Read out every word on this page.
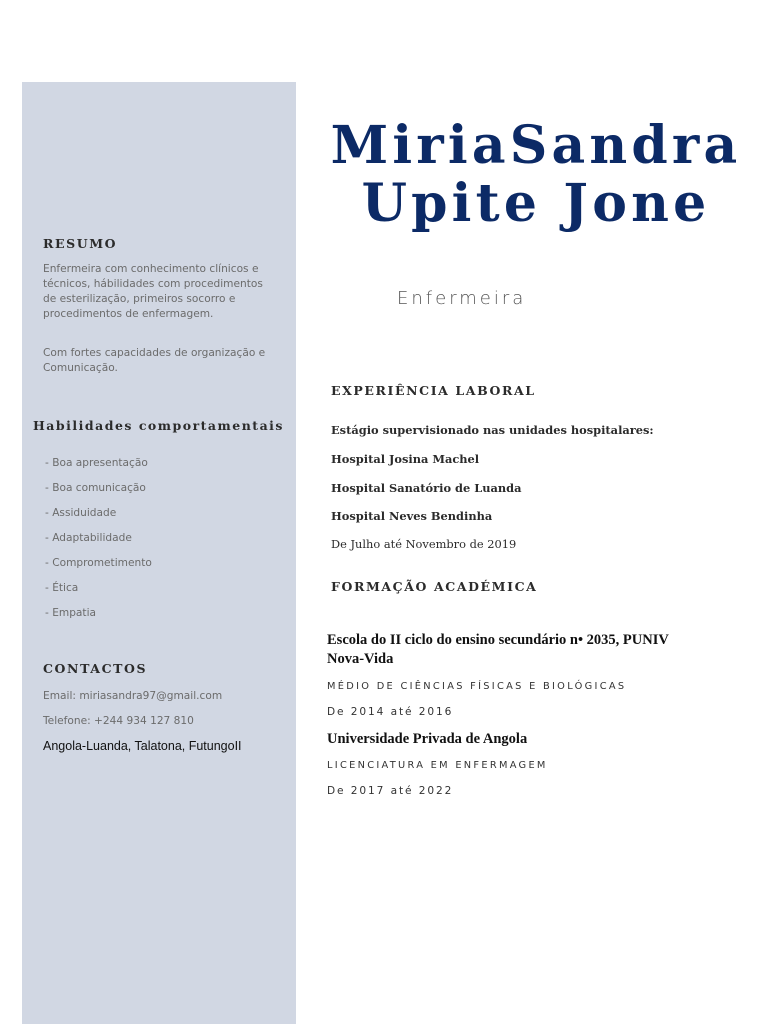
RESUMO
Enfermeira com conhecimento clínicos e técnicos, hábilidades com procedimentos de esterilização, primeiros socorro e procedimentos de enfermagem.
Com fortes capacidades de organização e Comunicação.
Habilidades comportamentais
- Boa apresentação
- Boa comunicação
- Assiduidade
- Adaptabilidade
- Comprometimento
- Ética
- Empatia
CONTACTOS
Email: miriasandra97@gmail.com
Telefone: +244 934 127 810
Angola-Luanda, Talatona, FutungoII
MiriaSandra
Upite Jone
Enfermeira
EXPERIÊNCIA LABORAL
Estágio supervisionado nas unidades hospitalares:
Hospital Josina Machel
Hospital Sanatório de Luanda
Hospital Neves Bendinha
De Julho até Novembro de 2019
FORMAÇÃO ACADÉMICA
Escola do II ciclo do ensino secundário n• 2035, PUNIV Nova-Vida
MÉDIO DE CIÊNCIAS FÍSICAS E BIOLÓGICAS
De 2014 até 2016
Universidade Privada de Angola
LICENCIATURA EM ENFERMAGEM
De 2017 até 2022
